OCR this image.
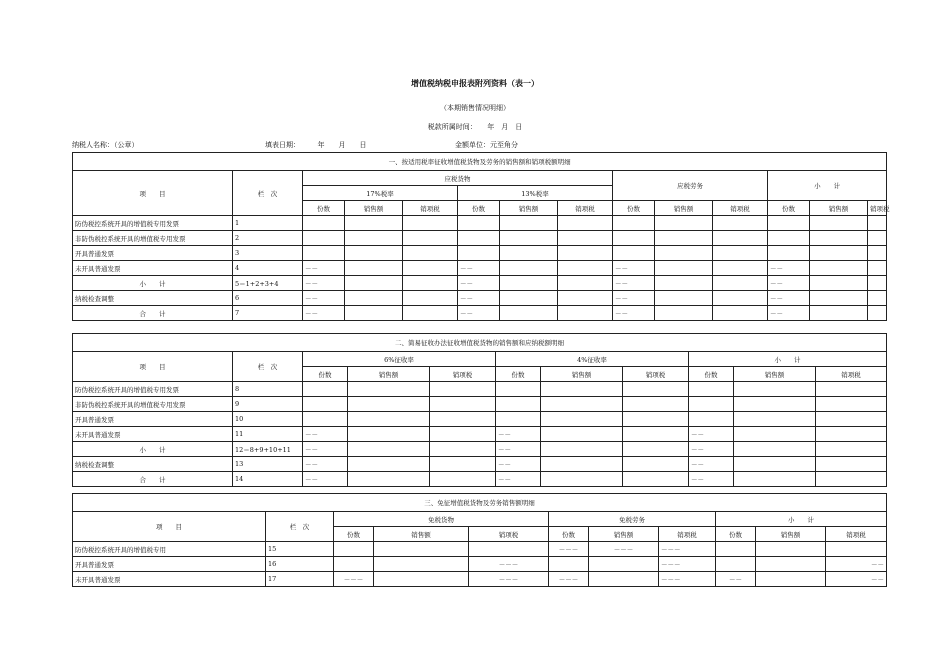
增值税纳税申报表附列资料（表一）
（本期销售情况明细）
税款所属时间：　　年　月　日
纳税人名称：（公章）	填表日期：　　　年　　月　　日	金额单位：元至角分
一、按适用税率征收增值税货物及劳务的销售额和销项税额明细													
项　　目	栏　次	应税货物						应税劳务			小　　计		
		17%税率			13%税率								
		份数	销售额	销项税	份数	销售额	销项税	份数	销售额	销项税	份数	销售额	销项税
防伪税控系统开具的增值税专用发票	1												
非防伪税控系统开具的增值税专用发票	2												
开具普通发票	3												
未开具普通发票	4	－－			－－			－－			－－		
小　　计	5＝1+2+3+4	－－			－－			－－			－－		
纳税检查调整	6	－－			－－			－－			－－		
合　　计	7	－－			－－			－－			－－		
二、简易征收办法征收增值税货物的销售额和应纳税额明细										
项　　目	栏　次	6%征收率			4%征收率			小　　计		
		份数	销售额	销项税	份数	销售额	销项税	份数	销售额	销项税
防伪税控系统开具的增值税专用发票	8									
非防伪税控系统开具的增值税专用发票	9									
开具普通发票	10									
未开具普通发票	11	－－			－－			－－		
小　　计	12＝8+9+10+11	－－			－－			－－		
纳税检查调整	13	－－			－－			－－		
合　　计	14	－－			－－			－－		
三、免征增值税货物及劳务销售额明细										
项　　目	栏　次	免税货物			免税劳务			小　　计		
		份数	销售额	销项税	份数	销售额	销项税	份数	销售额	销项税
防伪税控系统开具的增值税专用	15				－－－	－－－	－－－			
开具普通发票	16			－－－			－－－			－－
未开具普通发票	17	－－－		－－－	－－－		－－－	－－		－－
